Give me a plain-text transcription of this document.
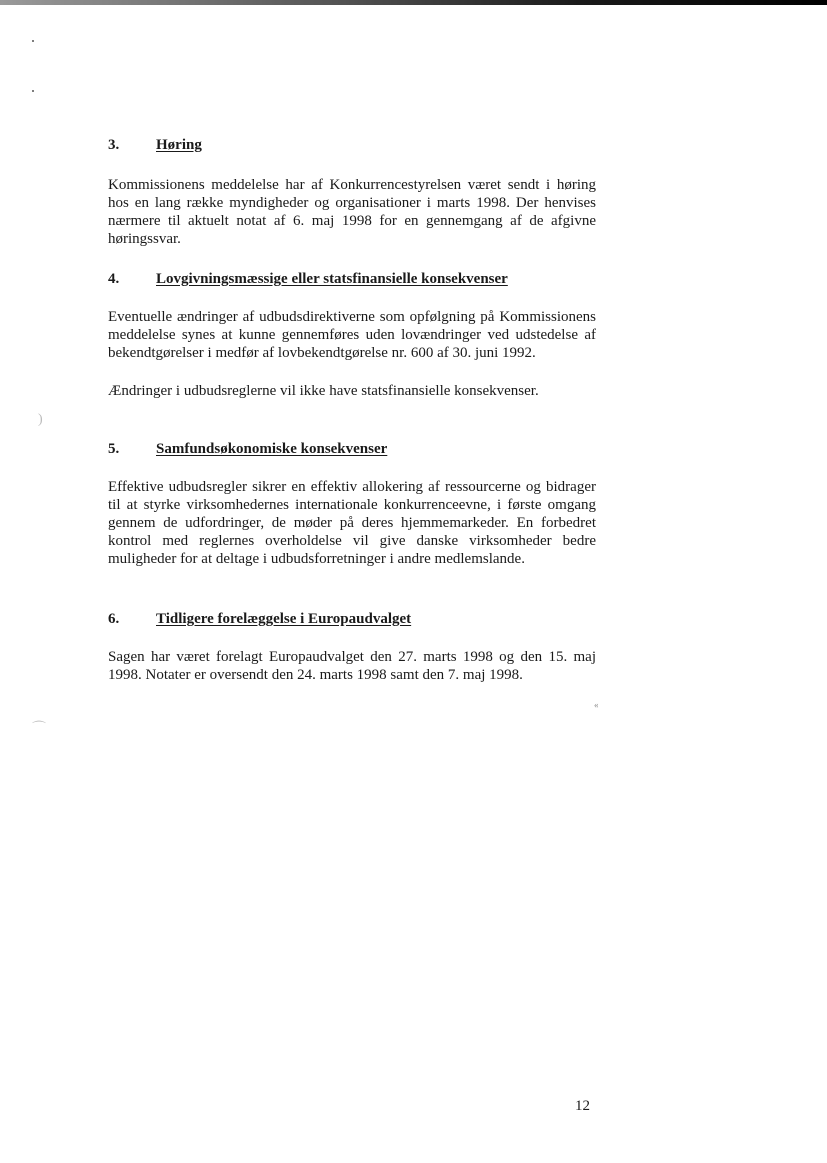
)
⌒
3.	Høring

Kommissionens meddelelse har af Konkurrencestyrelsen været sendt i høring hos en lang række myndigheder og organisationer i marts 1998. Der henvises nærmere til aktuelt notat af 6. maj 1998 for en gennemgang af de afgivne høringssvar.

4.	Lovgivningsmæssige eller statsfinansielle konsekvenser

Eventuelle ændringer af udbudsdirektiverne som opfølgning på Kommissionens meddelelse synes at kunne gennemføres uden lovændringer ved udstedelse af bekendtgørelser i medfør af lovbekendtgørelse nr. 600 af 30. juni 1992.

Ændringer i udbudsreglerne vil ikke have statsfinansielle konsekvenser.

5.	Samfundsøkonomiske konsekvenser

Effektive udbudsregler sikrer en effektiv allokering af ressourcerne og bidrager til at styrke virksomhedernes internationale konkurrenceevne, i første omgang gennem de udfordringer, de møder på deres hjemmemarkeder. En forbedret kontrol med reglernes overholdelse vil give danske virksomheder bedre muligheder for at deltage i udbudsforretninger i andre medlemslande.

6.	Tidligere forelæggelse i Europaudvalget

Sagen har været forelagt Europaudvalget den 27. marts 1998 og den 15. maj 1998. Notater er oversendt den 24. marts 1998 samt den 7. maj 1998.

«
12
